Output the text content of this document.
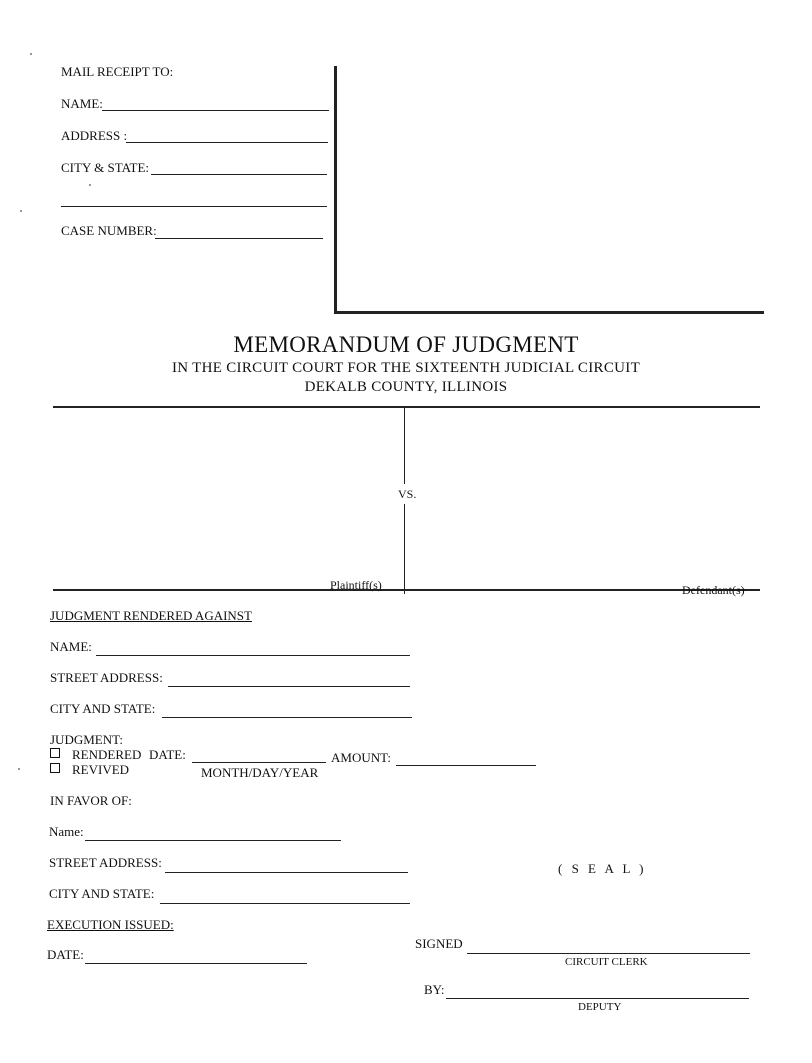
MAIL RECEIPT TO:
NAME:
ADDRESS :
CITY & STATE:
CASE NUMBER:
MEMORANDUM OF JUDGMENT
IN THE CIRCUIT COURT FOR THE SIXTEENTH JUDICIAL CIRCUIT
DEKALB COUNTY, ILLINOIS
VS.
Plaintiff(s)	Defendant(s)
JUDGMENT RENDERED AGAINST
NAME:
STREET ADDRESS:
CITY AND STATE:
JUDGMENT:
RENDERED DATE:	AMOUNT:
REVIVED	MONTH/DAY/YEAR
IN FAVOR OF:
Name:
STREET ADDRESS:
CITY AND STATE:
( S E A L )
EXECUTION ISSUED:
DATE:
SIGNED
CIRCUIT CLERK
BY:
DEPUTY
